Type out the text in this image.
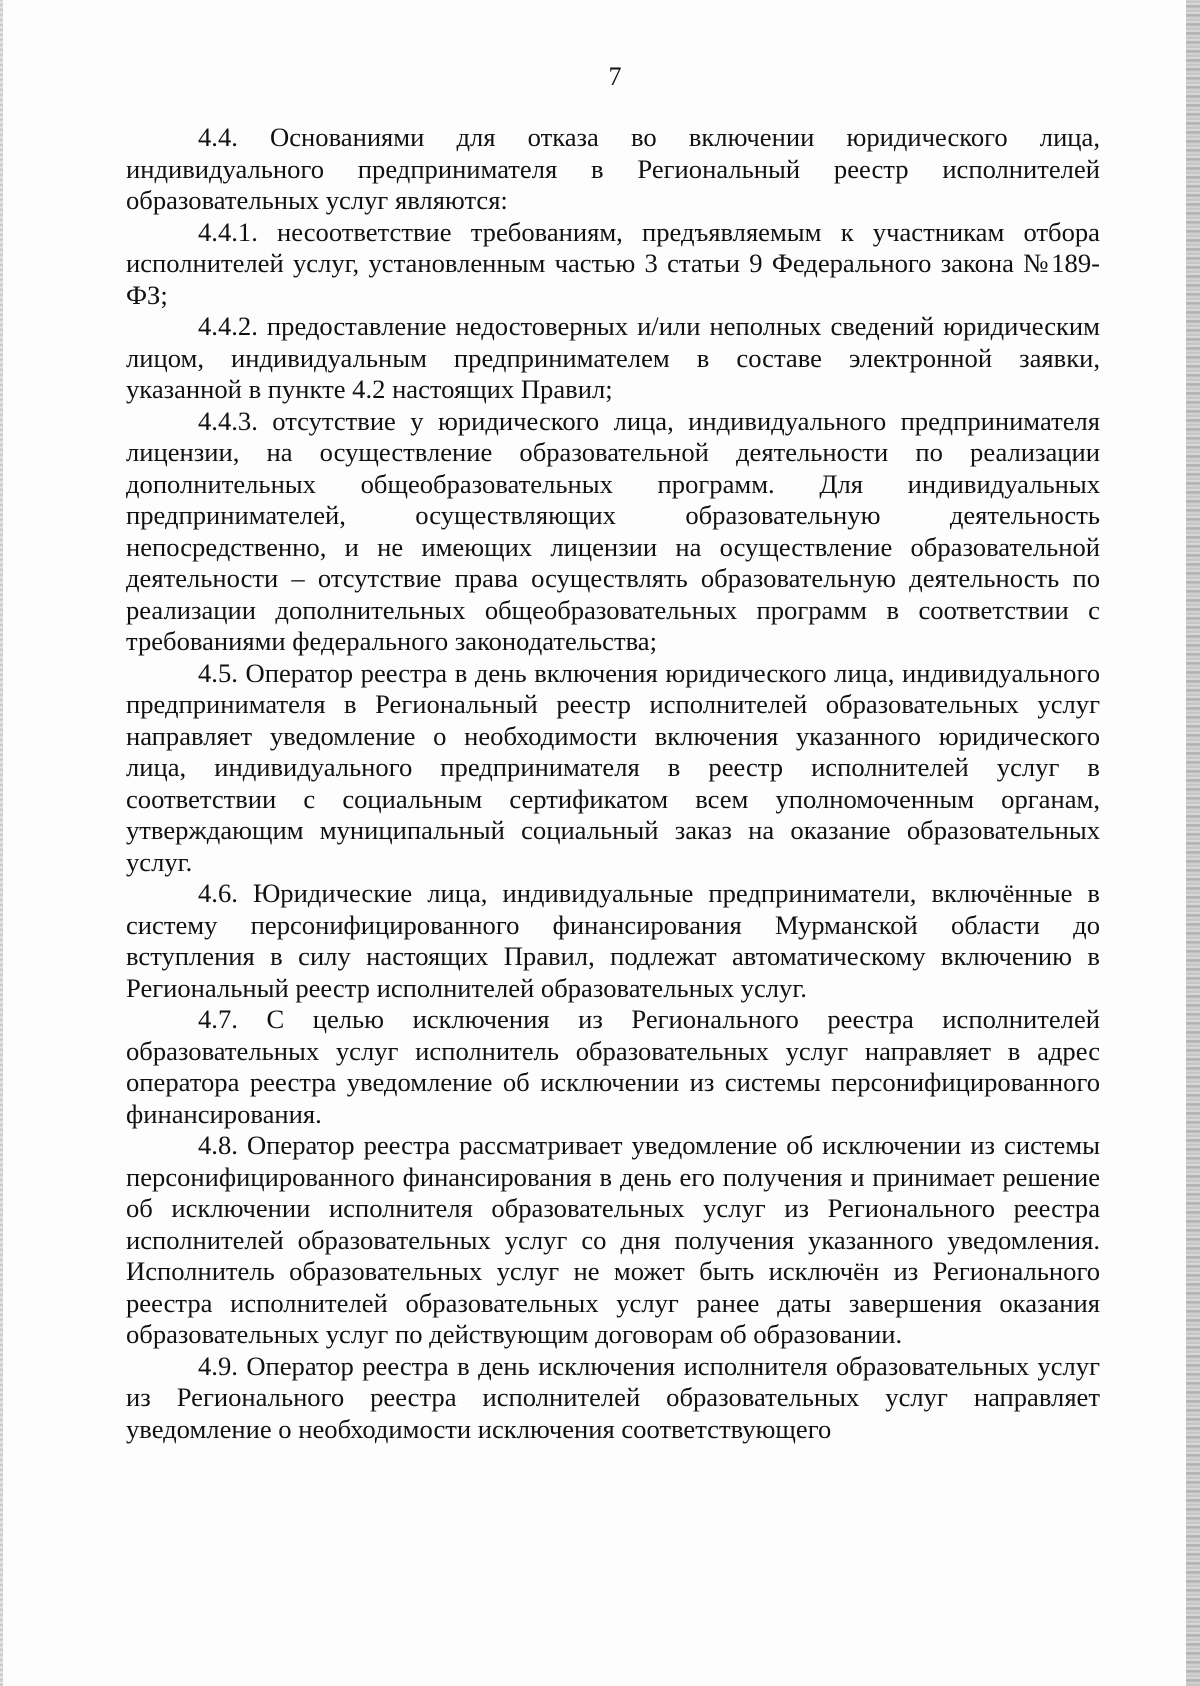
7

4.4. Основаниями для отказа во включении юридического лица, индивидуального предпринимателя в Региональный реестр исполнителей образовательных услуг являются:

4.4.1. несоответствие требованиям, предъявляемым к участникам отбора исполнителей услуг, установленным частью 3 статьи 9 Федерального закона №189-ФЗ;

4.4.2. предоставление недостоверных и/или неполных сведений юридическим лицом, индивидуальным предпринимателем в составе электронной заявки, указанной в пункте 4.2 настоящих Правил;

4.4.3. отсутствие у юридического лица, индивидуального предпринимателя лицензии, на осуществление образовательной деятельности по реализации дополнительных общеобразовательных программ. Для индивидуальных предпринимателей, осуществляющих образовательную деятельность непосредственно, и не имеющих лицензии на осуществление образовательной деятельности – отсутствие права осуществлять образовательную деятельность по реализации дополнительных общеобразовательных программ в соответствии с требованиями федерального законодательства;

4.5. Оператор реестра в день включения юридического лица, индивидуального предпринимателя в Региональный реестр исполнителей образовательных услуг направляет уведомление о необходимости включения указанного юридического лица, индивидуального предпринимателя в реестр исполнителей услуг в соответствии с социальным сертификатом всем уполномоченным органам, утверждающим муниципальный социальный заказ на оказание образовательных услуг.

4.6. Юридические лица, индивидуальные предприниматели, включённые в систему персонифицированного финансирования Мурманской области до вступления в силу настоящих Правил, подлежат автоматическому включению в Региональный реестр исполнителей образовательных услуг.

4.7. С целью исключения из Регионального реестра исполнителей образовательных услуг исполнитель образовательных услуг направляет в адрес оператора реестра уведомление об исключении из системы персонифицированного финансирования.

4.8. Оператор реестра рассматривает уведомление об исключении из системы персонифицированного финансирования в день его получения и принимает решение об исключении исполнителя образовательных услуг из Регионального реестра исполнителей образовательных услуг со дня получения указанного уведомления. Исполнитель образовательных услуг не может быть исключён из Регионального реестра исполнителей образовательных услуг ранее даты завершения оказания образовательных услуг по действующим договорам об образовании.

4.9. Оператор реестра в день исключения исполнителя образовательных услуг из Регионального реестра исполнителей образовательных услуг направляет уведомление о необходимости исключения соответствующего
